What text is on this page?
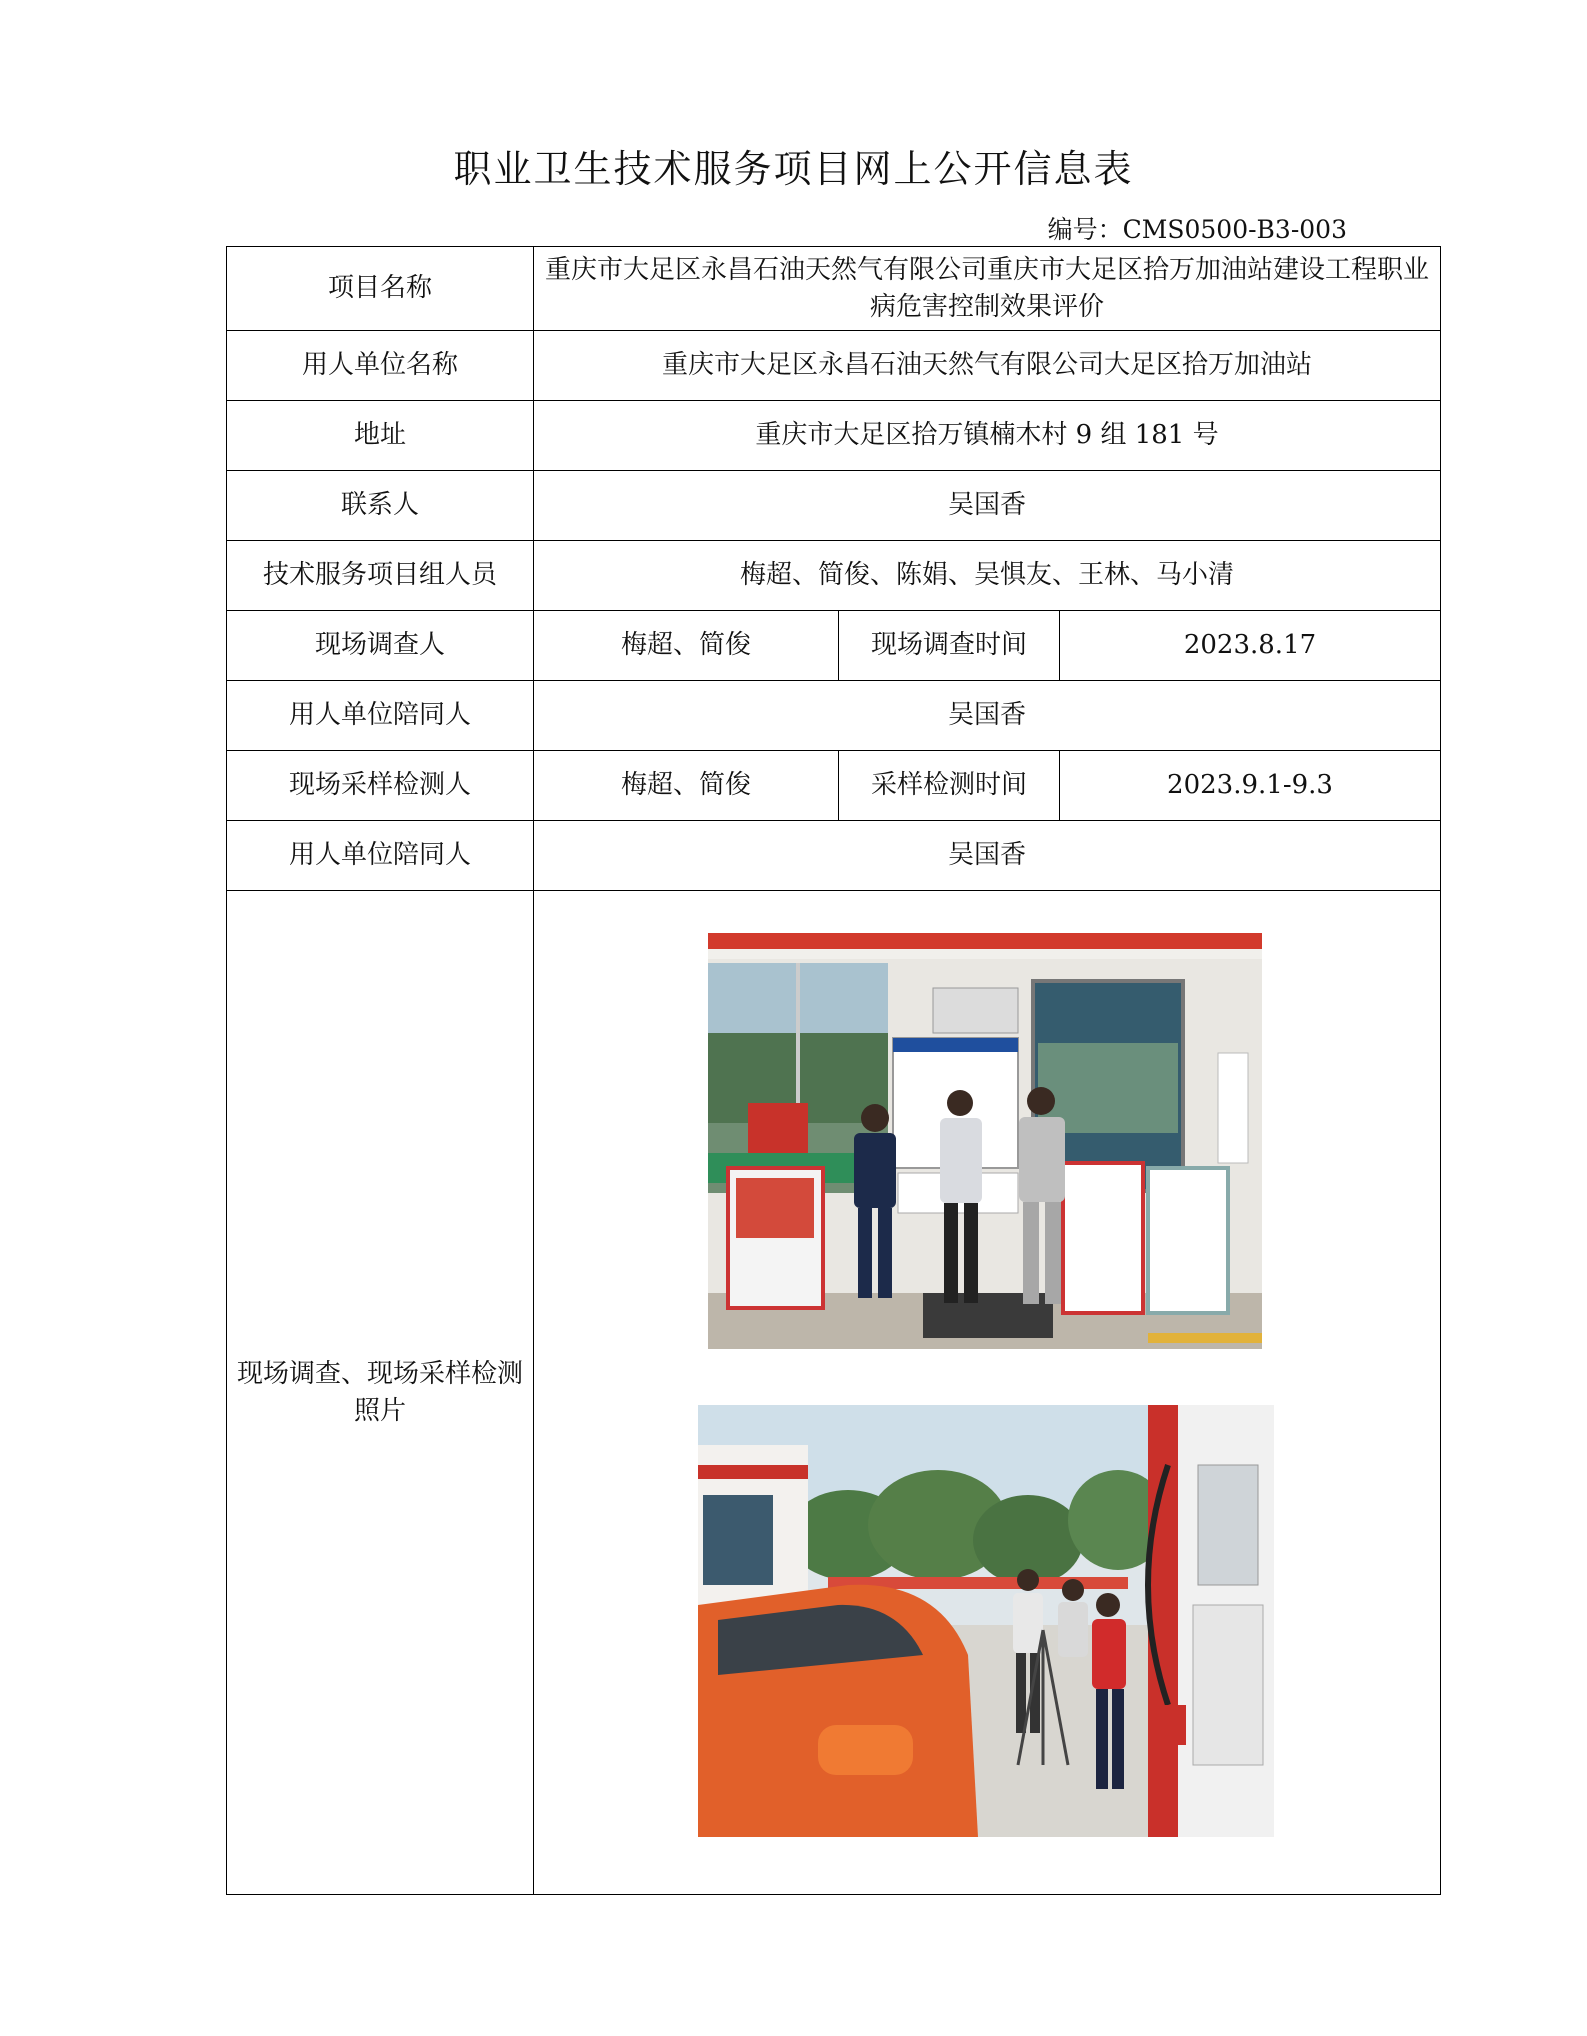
职业卫生技术服务项目网上公开信息表
编号：CMS0500-B3-003
项目名称	重庆市大足区永昌石油天然气有限公司重庆市大足区拾万加油站建设工程职业病危害控制效果评价		
用人单位名称	重庆市大足区永昌石油天然气有限公司大足区拾万加油站		
地址	重庆市大足区拾万镇楠木村 9 组 181 号		
联系人	吴国香		
技术服务项目组人员	梅超、简俊、陈娟、吴惧友、王林、马小清		
现场调查人	梅超、简俊	现场调查时间	2023.8.17
用人单位陪同人	吴国香		
现场采样检测人	梅超、简俊	采样检测时间	2023.9.1-9.3
用人单位陪同人	吴国香		
现场调查、现场采样检测照片	
